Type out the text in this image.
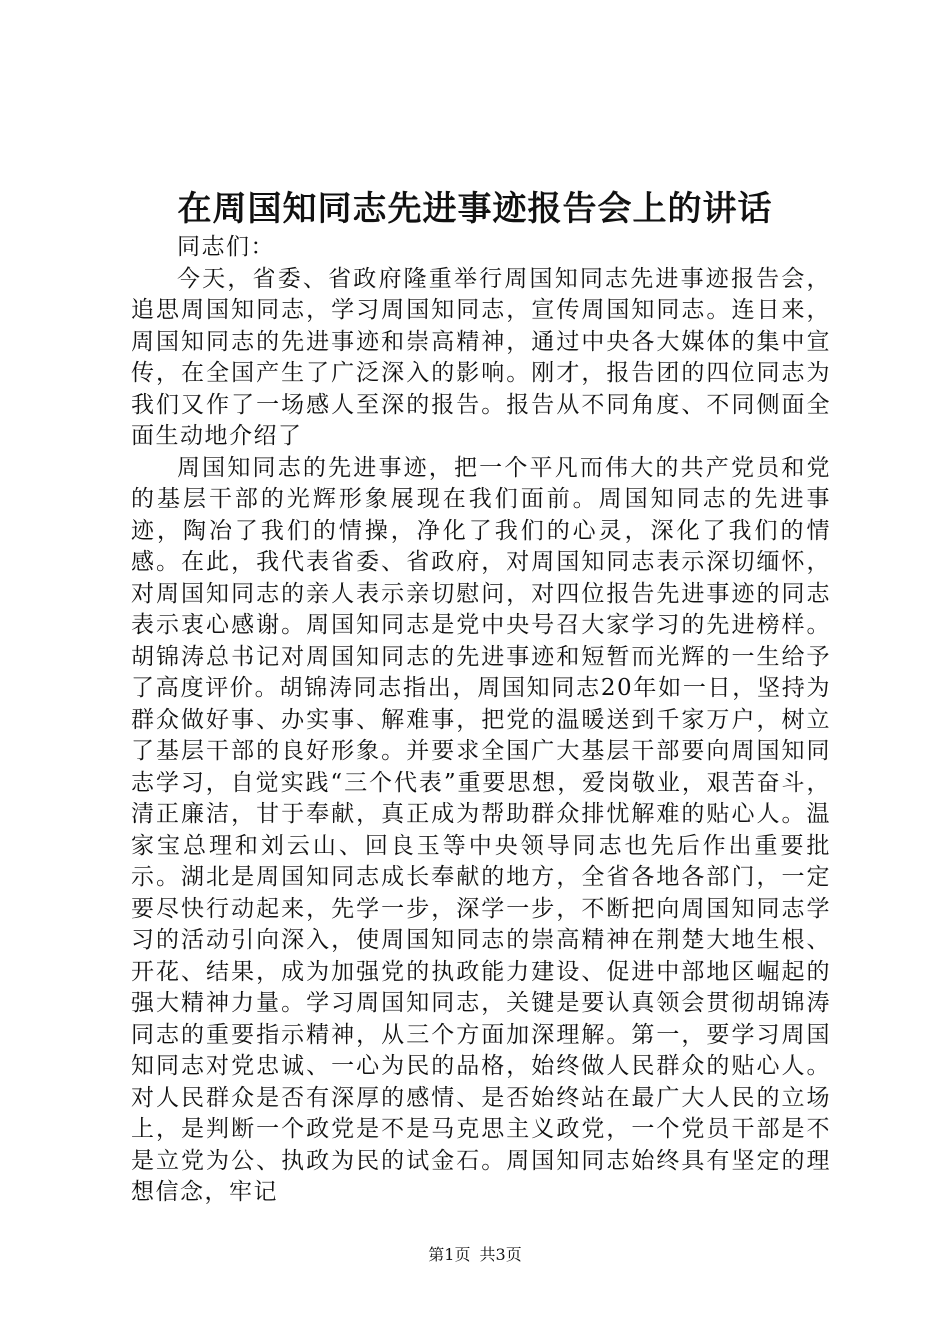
在周国知同志先进事迹报告会上的讲话

同志们：

今天，省委、省政府隆重举行周国知同志先进事迹报告会，追思周国知同志，学习周国知同志，宣传周国知同志。连日来，周国知同志的先进事迹和崇高精神，通过中央各大媒体的集中宣传，在全国产生了广泛深入的影响。刚才，报告团的四位同志为我们又作了一场感人至深的报告。报告从不同角度、不同侧面全面生动地介绍了

周国知同志的先进事迹，把一个平凡而伟大的共产党员和党的基层干部的光辉形象展现在我们面前。周国知同志的先进事迹，陶冶了我们的情操，净化了我们的心灵，深化了我们的情感。在此，我代表省委、省政府，对周国知同志表示深切缅怀，对周国知同志的亲人表示亲切慰问，对四位报告先进事迹的同志表示衷心感谢。周国知同志是党中央号召大家学习的先进榜样。胡锦涛总书记对周国知同志的先进事迹和短暂而光辉的一生给予了高度评价。胡锦涛同志指出，周国知同志20年如一日，坚持为群众做好事、办实事、解难事，把党的温暖送到千家万户，树立了基层干部的良好形象。并要求全国广大基层干部要向周国知同志学习，自觉实践“三个代表”重要思想，爱岗敬业，艰苦奋斗，清正廉洁，甘于奉献，真正成为帮助群众排忧解难的贴心人。温家宝总理和刘云山、回良玉等中央领导同志也先后作出重要批示。湖北是周国知同志成长奉献的地方，全省各地各部门，一定要尽快行动起来，先学一步，深学一步，不断把向周国知同志学习的活动引向深入，使周国知同志的崇高精神在荆楚大地生根、开花、结果，成为加强党的执政能力建设、促进中部地区崛起的强大精神力量。学习周国知同志，关键是要认真领会贯彻胡锦涛同志的重要指示精神，从三个方面加深理解。第一，要学习周国知同志对党忠诚、一心为民的品格，始终做人民群众的贴心人。对人民群众是否有深厚的感情、是否始终站在最广大人民的立场上，是判断一个政党是不是马克思主义政党，一个党员干部是不是立党为公、执政为民的试金石。周国知同志始终具有坚定的理想信念，牢记

第1页 共3页
